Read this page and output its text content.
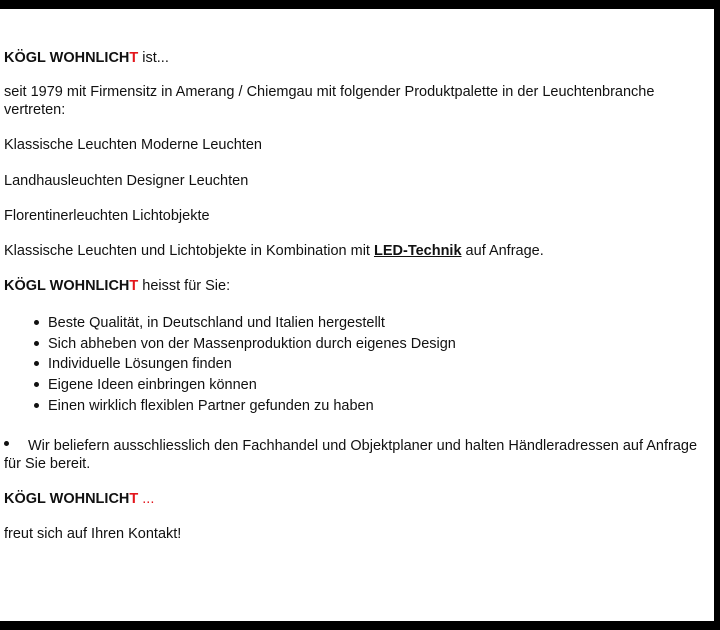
KÖGL WOHNLICHT ist...

seit 1979 mit Firmensitz in Amerang / Chiemgau mit folgender Produktpalette in der Leuchtenbranche vertreten:

Klassische Leuchten Moderne Leuchten

Landhausleuchten Designer Leuchten

Florentinerleuchten Lichtobjekte

Klassische Leuchten und Lichtobjekte in Kombination mit LED-Technik auf Anfrage.

KÖGL WOHNLICHT heisst für Sie:

Beste Qualität, in Deutschland und Italien hergestellt
Sich abheben von der Massenproduktion durch eigenes Design
Individuelle Lösungen finden
Eigene Ideen einbringen können
Einen wirklich flexiblen Partner gefunden zu haben

Wir beliefern ausschliesslich den Fachhandel und Objektplaner und halten Händleradressen auf Anfrage für Sie bereit.

KÖGL WOHNLICHT ...

freut sich auf Ihren Kontakt!
